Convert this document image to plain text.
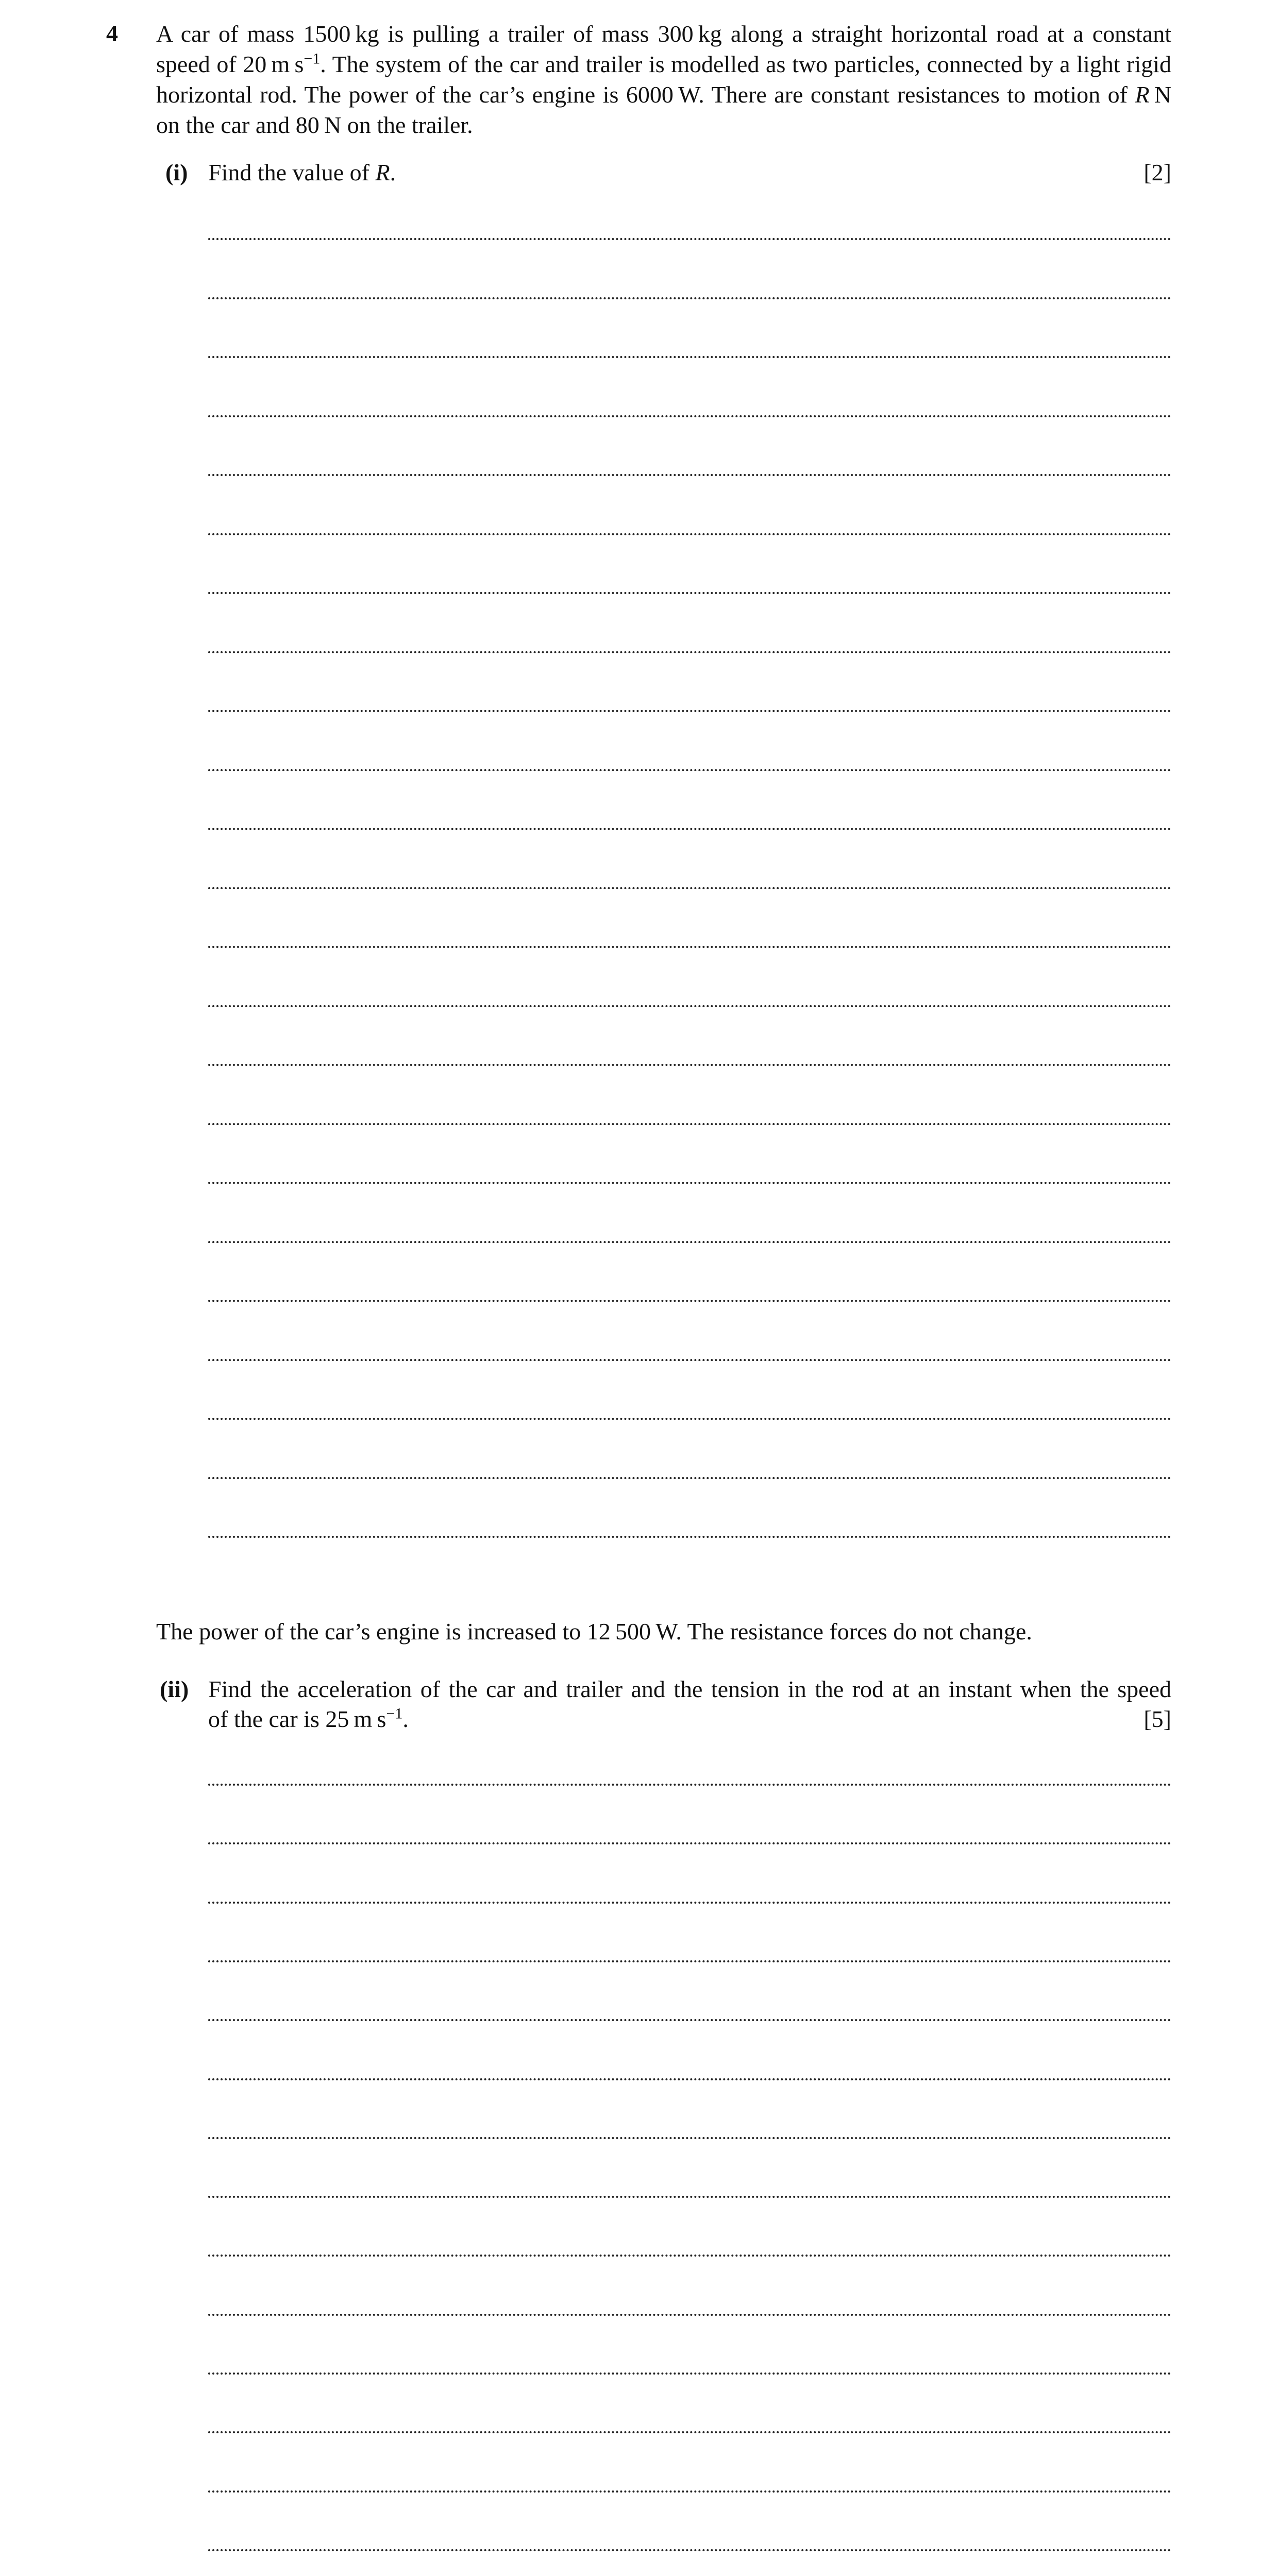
4 A car of mass 1500 kg is pulling a trailer of mass 300 kg along a straight horizontal road at a constant speed of 20 m $s^{-1}$. The system of the car and trailer is modelled as two particles, connected by a light rigid horizontal rod. The power of the car’s engine is 6000 W. There are constant resistances to motion of R N on the car and 80 N on the trailer.
(i) Find the value of R.	[2]
The power of the car’s engine is increased to 12 500 W. The resistance forces do not change.
(ii) Find the acceleration of the car and trailer and the tension in the rod at an instant when the speed
of the car is 25 m $s^{-1}$.	[5]
